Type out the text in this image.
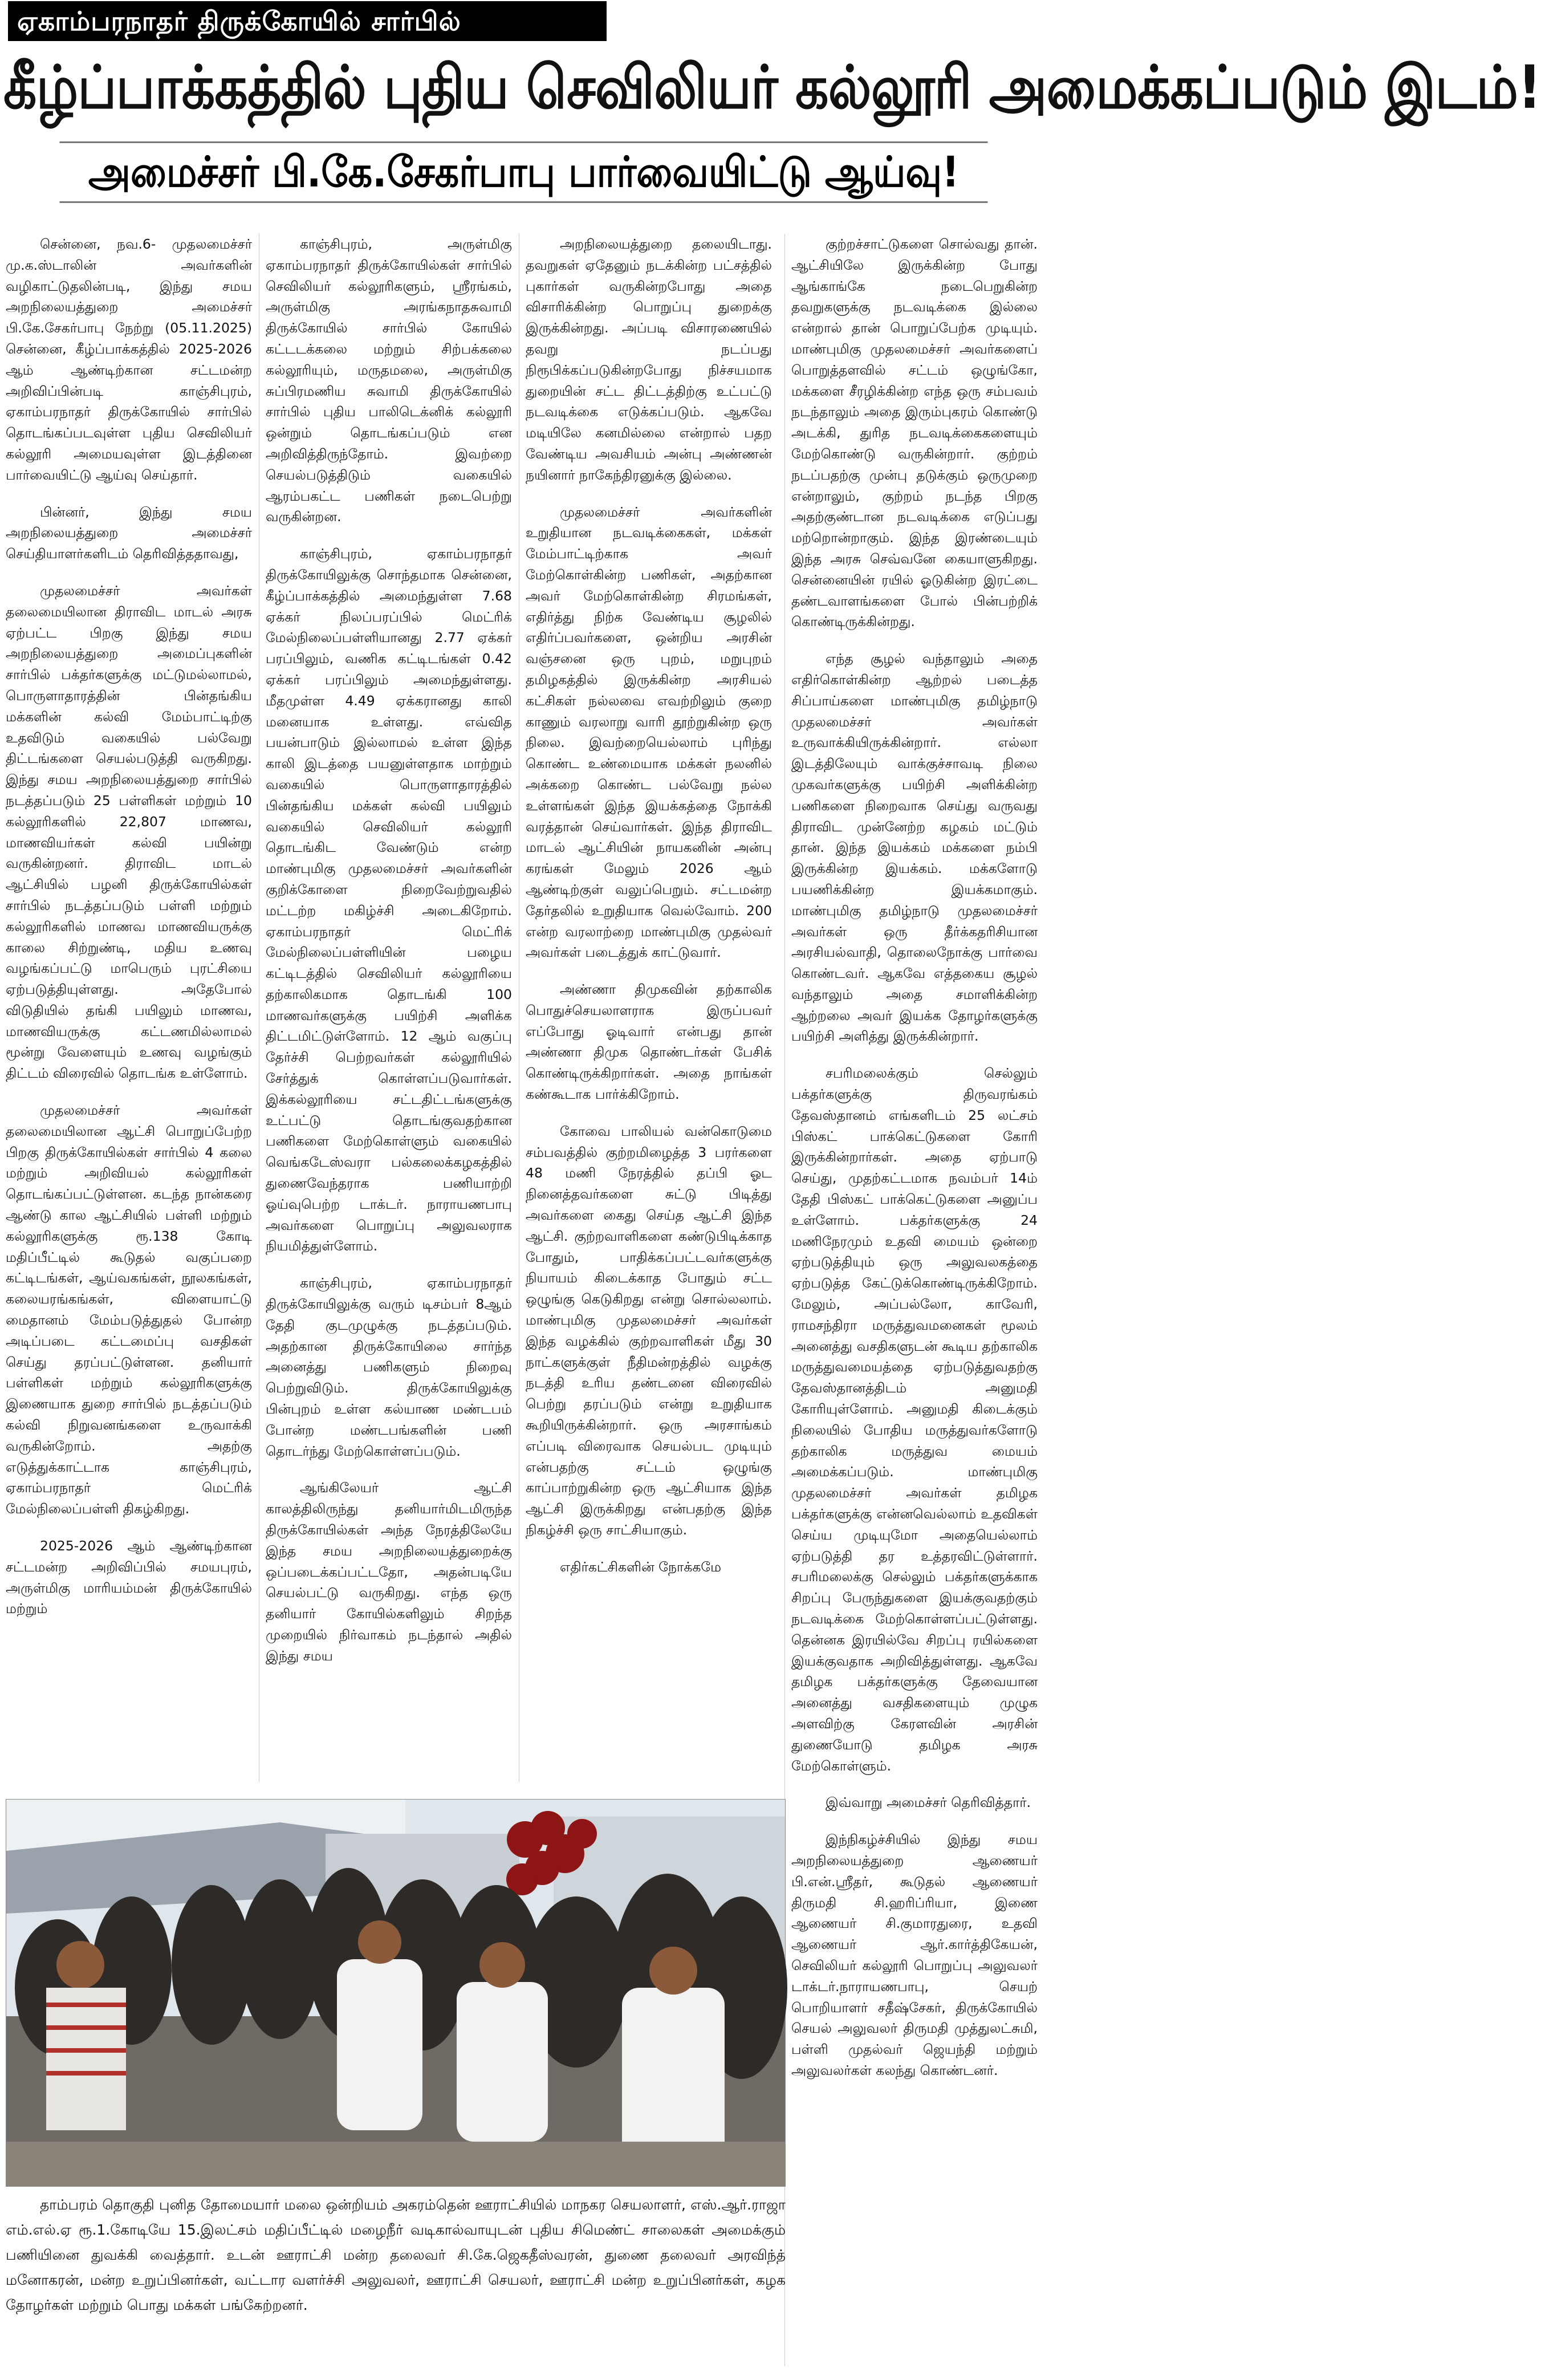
ஏகாம்பரநாதர் திருக்கோயில் சார்பில்
கீழ்ப்பாக்கத்தில் புதிய செவிலியர் கல்லூரி அமைக்கப்படும் இடம்!
அமைச்சர் பி.கே.சேகர்பாபு பார்வையிட்டு ஆய்வு!

சென்னை, நவ.6- முதலமைச்சர் மு.க.ஸ்டாலின் அவர்களின் வழிகாட்டுதலின்படி, இந்து சமய அறநிலையத்துறை அமைச்சர் பி.கே.சேகர்பாபு நேற்று (05.11.2025) சென்னை, கீழ்ப்பாக்கத்தில் 2025-2026 ஆம் ஆண்டிற்கான சட்டமன்ற அறிவிப்பின்படி காஞ்சிபுரம், ஏகாம்பரநாதர் திருக்கோயில் சார்பில் தொடங்கப்படவுள்ள புதிய செவிலியர் கல்லூரி அமையவுள்ள இடத்தினை பார்வையிட்டு ஆய்வு செய்தார்.

பின்னர், இந்து சமய அறநிலையத்துறை அமைச்சர் செய்தியாளர்களிடம் தெரிவித்ததாவது,

முதலமைச்சர் அவர்கள் தலைமையிலான திராவிட மாடல் அரசு ஏற்பட்ட பிறகு இந்து சமய அறநிலையத்துறை அமைப்புகளின் சார்பில் பக்தர்களுக்கு மட்டுமல்லாமல், பொருளாதாரத்தின் பின்தங்கிய மக்களின் கல்வி மேம்பாட்டிற்கு உதவிடும் வகையில் பல்வேறு திட்டங்களை செயல்படுத்தி வருகிறது. இந்து சமய அறநிலையத்துறை சார்பில் நடத்தப்படும் 25 பள்ளிகள் மற்றும் 10 கல்லூரிகளில் 22,807 மாணவ, மாணவியர்கள் கல்வி பயின்று வருகின்றனர். திராவிட மாடல் ஆட்சியில் பழனி திருக்கோயில்கள் சார்பில் நடத்தப்படும் பள்ளி மற்றும் கல்லூரிகளில் மாணவ மாணவியருக்கு காலை சிற்றுண்டி, மதிய உணவு வழங்கப்பட்டு மாபெரும் புரட்சியை ஏற்படுத்தியுள்ளது. அதேபோல் விடுதியில் தங்கி பயிலும் மாணவ, மாணவியருக்கு கட்டணமில்லாமல் மூன்று வேளையும் உணவு வழங்கும் திட்டம் விரைவில் தொடங்க உள்ளோம்.

முதலமைச்சர் அவர்கள் தலைமையிலான ஆட்சி பொறுப்பேற்ற பிறகு திருக்கோயில்கள் சார்பில் 4 கலை மற்றும் அறிவியல் கல்லூரிகள் தொடங்கப்பட்டுள்ளன. கடந்த நான்கரை ஆண்டு கால ஆட்சியில் பள்ளி மற்றும் கல்லூரிகளுக்கு ரூ.138 கோடி மதிப்பீட்டில் கூடுதல் வகுப்பறை கட்டிடங்கள், ஆய்வகங்கள், நூலகங்கள், கலையரங்கங்கள், விளையாட்டு மைதானம் மேம்படுத்துதல் போன்ற அடிப்படை கட்டமைப்பு வசதிகள் செய்து தரப்பட்டுள்ளன. தனியார் பள்ளிகள் மற்றும் கல்லூரிகளுக்கு இணையாக துறை சார்பில் நடத்தப்படும் கல்வி நிறுவனங்களை உருவாக்கி வருகின்றோம். அதற்கு எடுத்துக்காட்டாக காஞ்சிபுரம், ஏகாம்பரநாதர் மெட்ரிக் மேல்நிலைப்பள்ளி திகழ்கிறது.

2025-2026 ஆம் ஆண்டிற்கான சட்டமன்ற அறிவிப்பில் சமயபுரம், அருள்மிகு மாரியம்மன் திருக்கோயில் மற்றும்

காஞ்சிபுரம், அருள்மிகு ஏகாம்பரநாதர் திருக்கோயில்கள் சார்பில் செவிலியர் கல்லூரிகளும், ஸ்ரீரங்கம், அருள்மிகு அரங்கநாதசுவாமி திருக்கோயில் சார்பில் கோயில் கட்டடக்கலை மற்றும் சிற்பக்கலை கல்லூரியும், மருதமலை, அருள்மிகு சுப்பிரமணிய சுவாமி திருக்கோயில் சார்பில் புதிய பாலிடெக்னிக் கல்லூரி ஒன்றும் தொடங்கப்படும் என அறிவித்திருந்தோம். இவற்றை செயல்படுத்திடும் வகையில் ஆரம்பகட்ட பணிகள் நடைபெற்று வருகின்றன.

காஞ்சிபுரம், ஏகாம்பரநாதர் திருக்கோயிலுக்கு சொந்தமாக சென்னை, கீழ்ப்பாக்கத்தில் அமைந்துள்ள 7.68 ஏக்கர் நிலப்பரப்பில் மெட்ரிக் மேல்நிலைப்பள்ளியானது 2.77 ஏக்கர் பரப்பிலும், வணிக கட்டிடங்கள் 0.42 ஏக்கர் பரப்பிலும் அமைந்துள்ளது. மீதமுள்ள 4.49 ஏக்கரானது காலி மனையாக உள்ளது. எவ்வித பயன்பாடும் இல்லாமல் உள்ள இந்த காலி இடத்தை பயனுள்ளதாக மாற்றும் வகையில் பொருளாதாரத்தில் பின்தங்கிய மக்கள் கல்வி பயிலும் வகையில் செவிலியர் கல்லூரி தொடங்கிட வேண்டும் என்ற மாண்புமிகு முதலமைச்சர் அவர்களின் குறிக்கோளை நிறைவேற்றுவதில் மட்டற்ற மகிழ்ச்சி அடைகிறோம். ஏகாம்பரநாதர் மெட்ரிக் மேல்நிலைப்பள்ளியின் பழைய கட்டிடத்தில் செவிலியர் கல்லூரியை தற்காலிகமாக தொடங்கி 100 மாணவர்களுக்கு பயிற்சி அளிக்க திட்டமிட்டுள்ளோம். 12 ஆம் வகுப்பு தேர்ச்சி பெற்றவர்கள் கல்லூரியில் சேர்த்துக் கொள்ளப்படுவார்கள். இக்கல்லூரியை சட்டதிட்டங்களுக்கு உட்பட்டு தொடங்குவதற்கான பணிகளை மேற்கொள்ளும் வகையில் வெங்கடேஸ்வரா பல்கலைக்கழகத்தில் துணைவேந்தராக பணியாற்றி ஓய்வுபெற்ற டாக்டர். நாராயணபாபு அவர்களை பொறுப்பு அலுவலராக நியமித்துள்ளோம்.

காஞ்சிபுரம், ஏகாம்பரநாதர் திருக்கோயிலுக்கு வரும் டிசம்பர் 8ஆம் தேதி குடமுழுக்கு நடத்தப்படும். அதற்கான திருக்கோயிலை சார்ந்த அனைத்து பணிகளும் நிறைவு பெற்றுவிடும். திருக்கோயிலுக்கு பின்புறம் உள்ள கல்யாண மண்டபம் போன்ற மண்டபங்களின் பணி தொடர்ந்து மேற்கொள்ளப்படும்.

ஆங்கிலேயர் ஆட்சி காலத்திலிருந்து தனியார்மிடமிருந்த திருக்கோயில்கள் அந்த நேரத்திலேயே இந்த சமய அறநிலையத்துறைக்கு ஒப்படைக்கப்பட்டதோ, அதன்படியே செயல்பட்டு வருகிறது. எந்த ஒரு தனியார் கோயில்களிலும் சிறந்த முறையில் நிர்வாகம் நடந்தால் அதில் இந்து சமய

அறநிலையத்துறை தலையிடாது. தவறுகள் ஏதேனும் நடக்கின்ற பட்சத்தில் புகார்கள் வருகின்றபோது அதை விசாரிக்கின்ற பொறுப்பு துறைக்கு இருக்கின்றது. அப்படி விசாரணையில் தவறு நடப்பது நிரூபிக்கப்படுகின்றபோது நிச்சயமாக துறையின் சட்ட திட்டத்திற்கு உட்பட்டு நடவடிக்கை எடுக்கப்படும். ஆகவே மடியிலே கனமில்லை என்றால் பதற வேண்டிய அவசியம் அன்பு அண்ணன் நயினார் நாகேந்திரனுக்கு இல்லை.

முதலமைச்சர் அவர்களின் உறுதியான நடவடிக்கைகள், மக்கள் மேம்பாட்டிற்காக அவர் மேற்கொள்கின்ற பணிகள், அதற்கான அவர் மேற்கொள்கின்ற சிரமங்கள், எதிர்த்து நிற்க வேண்டிய சூழலில் எதிர்ப்பவர்களை, ஒன்றிய அரசின் வஞ்சனை ஒரு புறம், மறுபுறம் தமிழகத்தில் இருக்கின்ற அரசியல் கட்சிகள் நல்லவை எவற்றிலும் குறை காணும் வரலாறு வாரி தூற்றுகின்ற ஒரு நிலை. இவற்றையெல்லாம் புரிந்து கொண்ட உண்மையாக மக்கள் நலனில் அக்கறை கொண்ட பல்வேறு நல்ல உள்ளங்கள் இந்த இயக்கத்தை நோக்கி வரத்தான் செய்வார்கள். இந்த திராவிட மாடல் ஆட்சியின் நாயகனின் அன்பு கரங்கள் மேலும் 2026 ஆம் ஆண்டிற்குள் வலுப்பெறும். சட்டமன்ற தேர்தலில் உறுதியாக வெல்வோம். 200 என்ற வரலாற்றை மாண்புமிகு முதல்வர் அவர்கள் படைத்துக் காட்டுவார்.

அண்ணா திமுகவின் தற்காலிக பொதுச்செயலாளராக இருப்பவர் எப்போது ஓடிவார் என்பது தான் அண்ணா திமுக தொண்டர்கள் பேசிக் கொண்டிருக்கிறார்கள். அதை நாங்கள் கண்கூடாக பார்க்கிறோம்.

கோவை பாலியல் வன்கொடுமை சம்பவத்தில் குற்றமிழைத்த 3 பரர்களை 48 மணி நேரத்தில் தப்பி ஓட நினைத்தவர்களை சுட்டு பிடித்து அவர்களை கைது செய்த ஆட்சி இந்த ஆட்சி. குற்றவாளிகளை கண்டுபிடிக்காத போதும், பாதிக்கப்பட்டவர்களுக்கு நியாயம் கிடைக்காத போதும் சட்ட ஒழுங்கு கெடுகிறது என்று சொல்லலாம். மாண்புமிகு முதலமைச்சர் அவர்கள் இந்த வழக்கில் குற்றவாளிகள் மீது 30 நாட்களுக்குள் நீதிமன்றத்தில் வழக்கு நடத்தி உரிய தண்டனை விரைவில் பெற்று தரப்படும் என்று உறுதியாக கூறியிருக்கின்றார். ஒரு அரசாங்கம் எப்படி விரைவாக செயல்பட முடியும் என்பதற்கு சட்டம் ஒழுங்கு காப்பாற்றுகின்ற ஒரு ஆட்சியாக இந்த ஆட்சி இருக்கிறது என்பதற்கு இந்த நிகழ்ச்சி ஒரு சாட்சியாகும்.

எதிர்கட்சிகளின் நோக்கமே

குற்றச்சாட்டுகளை சொல்வது தான். ஆட்சியிலே இருக்கின்ற போது ஆங்காங்கே நடைபெறுகின்ற தவறுகளுக்கு நடவடிக்கை இல்லை என்றால் தான் பொறுப்பேற்க முடியும். மாண்புமிகு முதலமைச்சர் அவர்களைப் பொறுத்தளவில் சட்டம் ஒழுங்கோ, மக்களை சீரழிக்கின்ற எந்த ஒரு சம்பவம் நடந்தாலும் அதை இரும்புகரம் கொண்டு அடக்கி, துரித நடவடிக்கைகளையும் மேற்கொண்டு வருகின்றார். குற்றம் நடப்பதற்கு முன்பு தடுக்கும் ஒருமுறை என்றாலும், குற்றம் நடந்த பிறகு அதற்குண்டான நடவடிக்கை எடுப்பது மற்றொன்றாகும். இந்த இரண்டையும் இந்த அரசு செவ்வனே கையாளுகிறது. சென்னையின் ரயில் ஓடுகின்ற இரட்டை தண்டவாளங்களை போல் பின்பற்றிக் கொண்டிருக்கின்றது.

எந்த சூழல் வந்தாலும் அதை எதிர்கொள்கின்ற ஆற்றல் படைத்த சிப்பாய்களை மாண்புமிகு தமிழ்நாடு முதலமைச்சர் அவர்கள் உருவாக்கியிருக்கின்றார். எல்லா இடத்திலேயும் வாக்குச்சாவடி நிலை முகவர்களுக்கு பயிற்சி அளிக்கின்ற பணிகளை நிறைவாக செய்து வருவது திராவிட முன்னேற்ற கழகம் மட்டும் தான். இந்த இயக்கம் மக்களை நம்பி இருக்கின்ற இயக்கம். மக்களோடு பயணிக்கின்ற இயக்கமாகும். மாண்புமிகு தமிழ்நாடு முதலமைச்சர் அவர்கள் ஒரு தீர்க்கதரிசியான அரசியல்வாதி, தொலைநோக்கு பார்வை கொண்டவர். ஆகவே எத்தகைய சூழல் வந்தாலும் அதை சமாளிக்கின்ற ஆற்றலை அவர் இயக்க தோழர்களுக்கு பயிற்சி அளித்து இருக்கின்றார்.

சபரிமலைக்கும் செல்லும் பக்தர்களுக்கு திருவரங்கம் தேவஸ்தானம் எங்களிடம் 25 லட்சம் பிஸ்கட் பாக்கெட்டுகளை கோரி இருக்கின்றார்கள். அதை ஏற்பாடு செய்து, முதற்கட்டமாக நவம்பர் 14ம் தேதி பிஸ்கட் பாக்கெட்டுகளை அனுப்ப உள்ளோம். பக்தர்களுக்கு 24 மணிநேரமும் உதவி மையம் ஒன்றை ஏற்படுத்தியும் ஒரு அலுவலகத்தை ஏற்படுத்த கேட்டுக்கொண்டிருக்கிறோம். மேலும், அப்பல்லோ, காவேரி, ராமசந்திரா மருத்துவமனைகள் மூலம் அனைத்து வசதிகளுடன் கூடிய தற்காலிக மருத்துவமையத்தை ஏற்படுத்துவதற்கு தேவஸ்தானத்திடம் அனுமதி கோரியுள்ளோம். அனுமதி கிடைக்கும் நிலையில் போதிய மருத்துவர்களோடு தற்காலிக மருத்துவ மையம் அமைக்கப்படும். மாண்புமிகு முதலமைச்சர் அவர்கள் தமிழக பக்தர்களுக்கு என்னவெல்லாம் உதவிகள் செய்ய முடியுமோ அதையெல்லாம் ஏற்படுத்தி தர உத்தரவிட்டுள்ளார். சபரிமலைக்கு செல்லும் பக்தர்களுக்காக சிறப்பு பேருந்துகளை இயக்குவதற்கும் நடவடிக்கை மேற்கொள்ளப்பட்டுள்ளது. தென்னக இரயில்வே சிறப்பு ரயில்களை இயக்குவதாக அறிவித்துள்ளது. ஆகவே தமிழக பக்தர்களுக்கு தேவையான அனைத்து வசதிகளையும் முழுக அளவிற்கு கேரளவின் அரசின் துணையோடு தமிழக அரசு மேற்கொள்ளும்.

இவ்வாறு அமைச்சர் தெரிவித்தார்.

இந்நிகழ்ச்சியில் இந்து சமய அறநிலையத்துறை ஆணையர் பி.என்.ஸ்ரீதர், கூடுதல் ஆணையர் திருமதி சி.ஹரிப்ரியா, இணை ஆணையர் சி.குமாரதுரை, உதவி ஆணையர் ஆர்.கார்த்திகேயன், செவிலியர் கல்லூரி பொறுப்பு அலுவலர் டாக்டர்.நாராயணபாபு, செயற் பொறியாளர் சதீஷ்சேகர், திருக்கோயில் செயல் அலுவலர் திருமதி முத்துலட்சுமி, பள்ளி முதல்வர் ஜெயந்தி மற்றும் அலுவலர்கள் கலந்து கொண்டனர்.

தாம்பரம் தொகுதி புனித தோமையார் மலை ஒன்றியம் அகரம்தென் ஊராட்சியில் மாநகர செயலாளர், எஸ்.ஆர்.ராஜா எம்.எல்.ஏ ரூ.1.கோடியே 15.இலட்சம் மதிப்பீட்டில் மழைநீர் வடிகால்வாயுடன் புதிய சிமெண்ட் சாலைகள் அமைக்கும் பணியினை துவக்கி வைத்தார். உடன் ஊராட்சி மன்ற தலைவர் சி.கே.ஜெகதீஸ்வரன், துணை தலைவர் அரவிந்த் மனோகரன், மன்ற உறுப்பினர்கள், வட்டார வளர்ச்சி அலுவலர், ஊராட்சி செயலர், ஊராட்சி மன்ற உறுப்பினர்கள், கழக தோழர்கள் மற்றும் பொது மக்கள் பங்கேற்றனர்.
